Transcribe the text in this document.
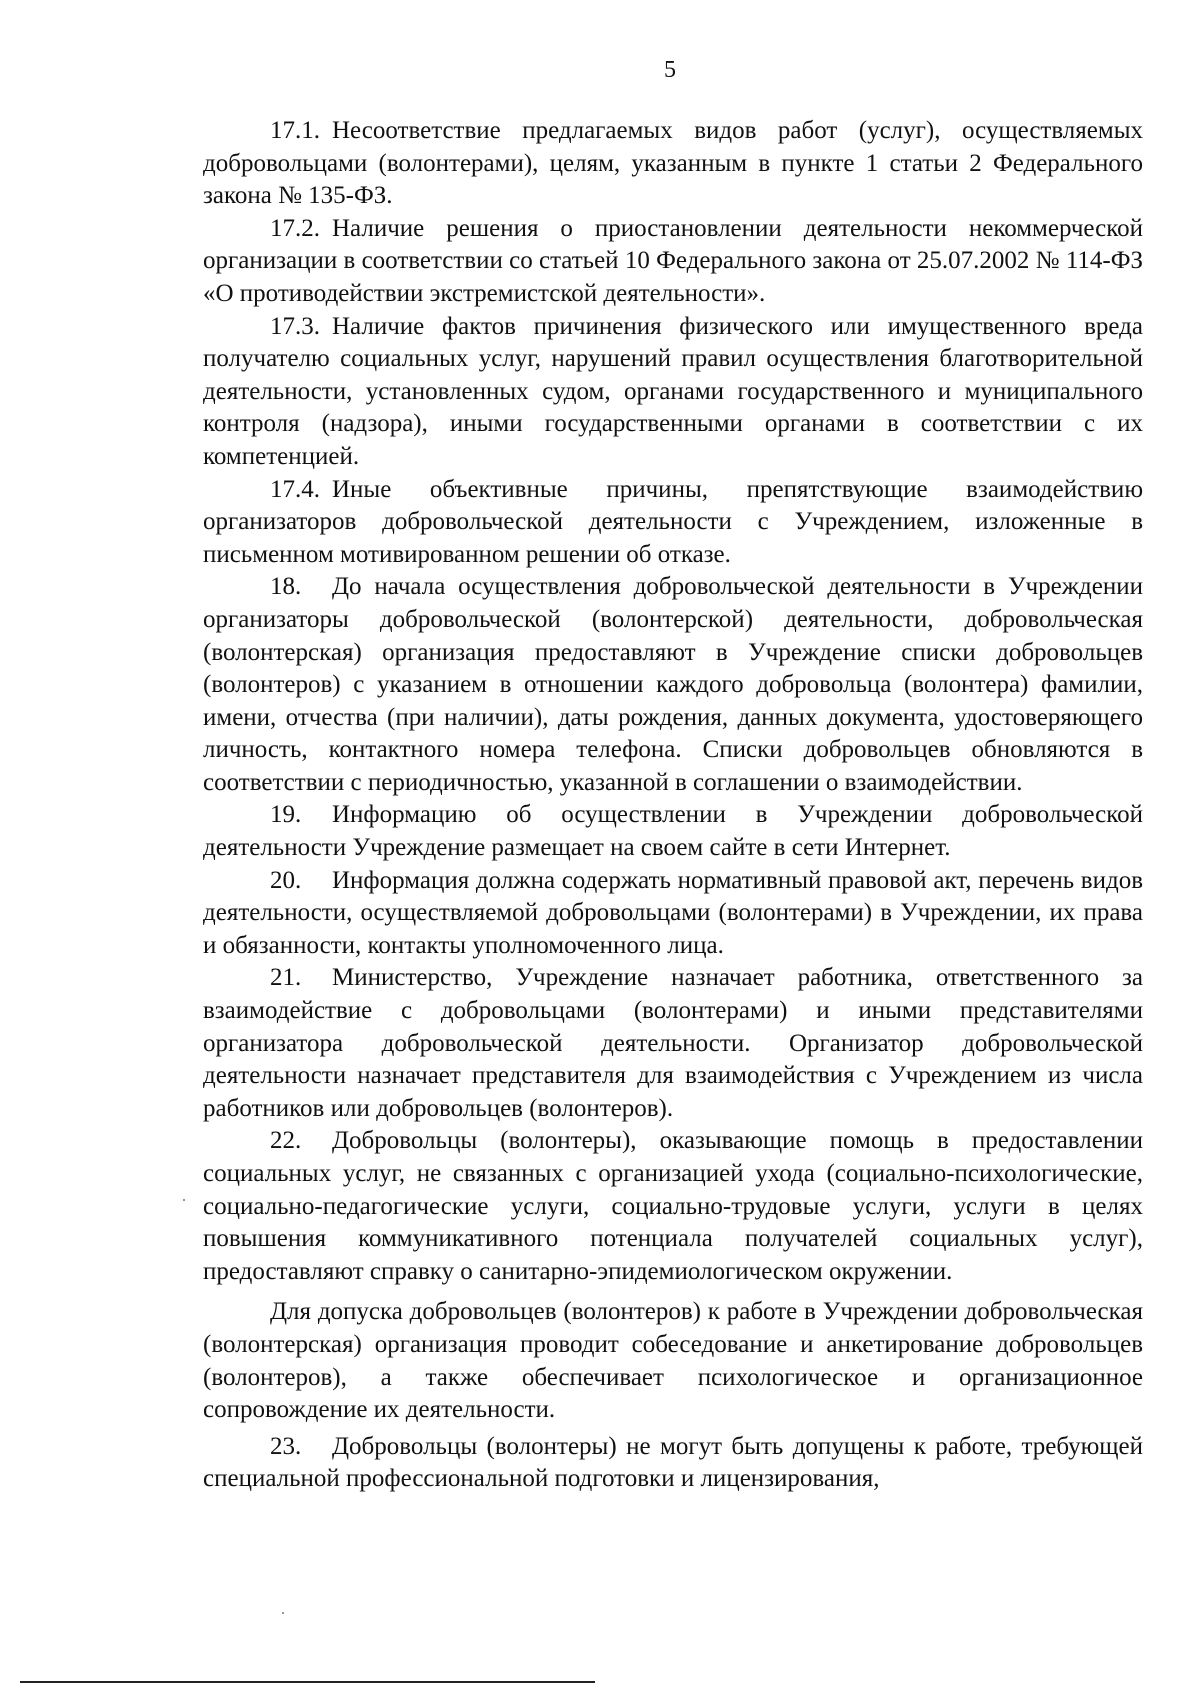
5

17.1. Несоответствие предлагаемых видов работ (услуг), осуществляемых добровольцами (волонтерами), целям, указанным в пункте 1 статьи 2 Федерального закона № 135-ФЗ.

17.2. Наличие решения о приостановлении деятельности некоммерческой организации в соответствии со статьей 10 Федерального закона от 25.07.2002 № 114-ФЗ «О противодействии экстремистской деятельности».

17.3. Наличие фактов причинения физического или имущественного вреда получателю социальных услуг, нарушений правил осуществления благотворительной деятельности, установленных судом, органами государственного и муниципального контроля (надзора), иными государственными органами в соответствии с их компетенцией.

17.4. Иные объективные причины, препятствующие взаимодействию организаторов добровольческой деятельности с Учреждением, изложенные в письменном мотивированном решении об отказе.

18. До начала осуществления добровольческой деятельности в Учреждении организаторы добровольческой (волонтерской) деятельности, добровольческая (волонтерская) организация предоставляют в Учреждение списки добровольцев (волонтеров) с указанием в отношении каждого добровольца (волонтера) фамилии, имени, отчества (при наличии), даты рождения, данных документа, удостоверяющего личность, контактного номера телефона. Списки добровольцев обновляются в соответствии с периодичностью, указанной в соглашении о взаимодействии.

19. Информацию об осуществлении в Учреждении добровольческой деятельности Учреждение размещает на своем сайте в сети Интернет.

20. Информация должна содержать нормативный правовой акт, перечень видов деятельности, осуществляемой добровольцами (волонтерами) в Учреждении, их права и обязанности, контакты уполномоченного лица.

21. Министерство, Учреждение назначает работника, ответственного за взаимодействие с добровольцами (волонтерами) и иными представителями организатора добровольческой деятельности. Организатор добровольческой деятельности назначает представителя для взаимодействия с Учреждением из числа работников или добровольцев (волонтеров).

22. Добровольцы (волонтеры), оказывающие помощь в предоставлении социальных услуг, не связанных с организацией ухода (социально-психологические, социально-педагогические услуги, социально-трудовые услуги, услуги в целях повышения коммуникативного потенциала получателей социальных услуг), предоставляют справку о санитарно-эпидемиологическом окружении.

Для допуска добровольцев (волонтеров) к работе в Учреждении добровольческая (волонтерская) организация проводит собеседование и анкетирование добровольцев (волонтеров), а также обеспечивает психологическое и организационное сопровождение их деятельности.

23. Добровольцы (волонтеры) не могут быть допущены к работе, требующей специальной профессиональной подготовки и лицензирования,
